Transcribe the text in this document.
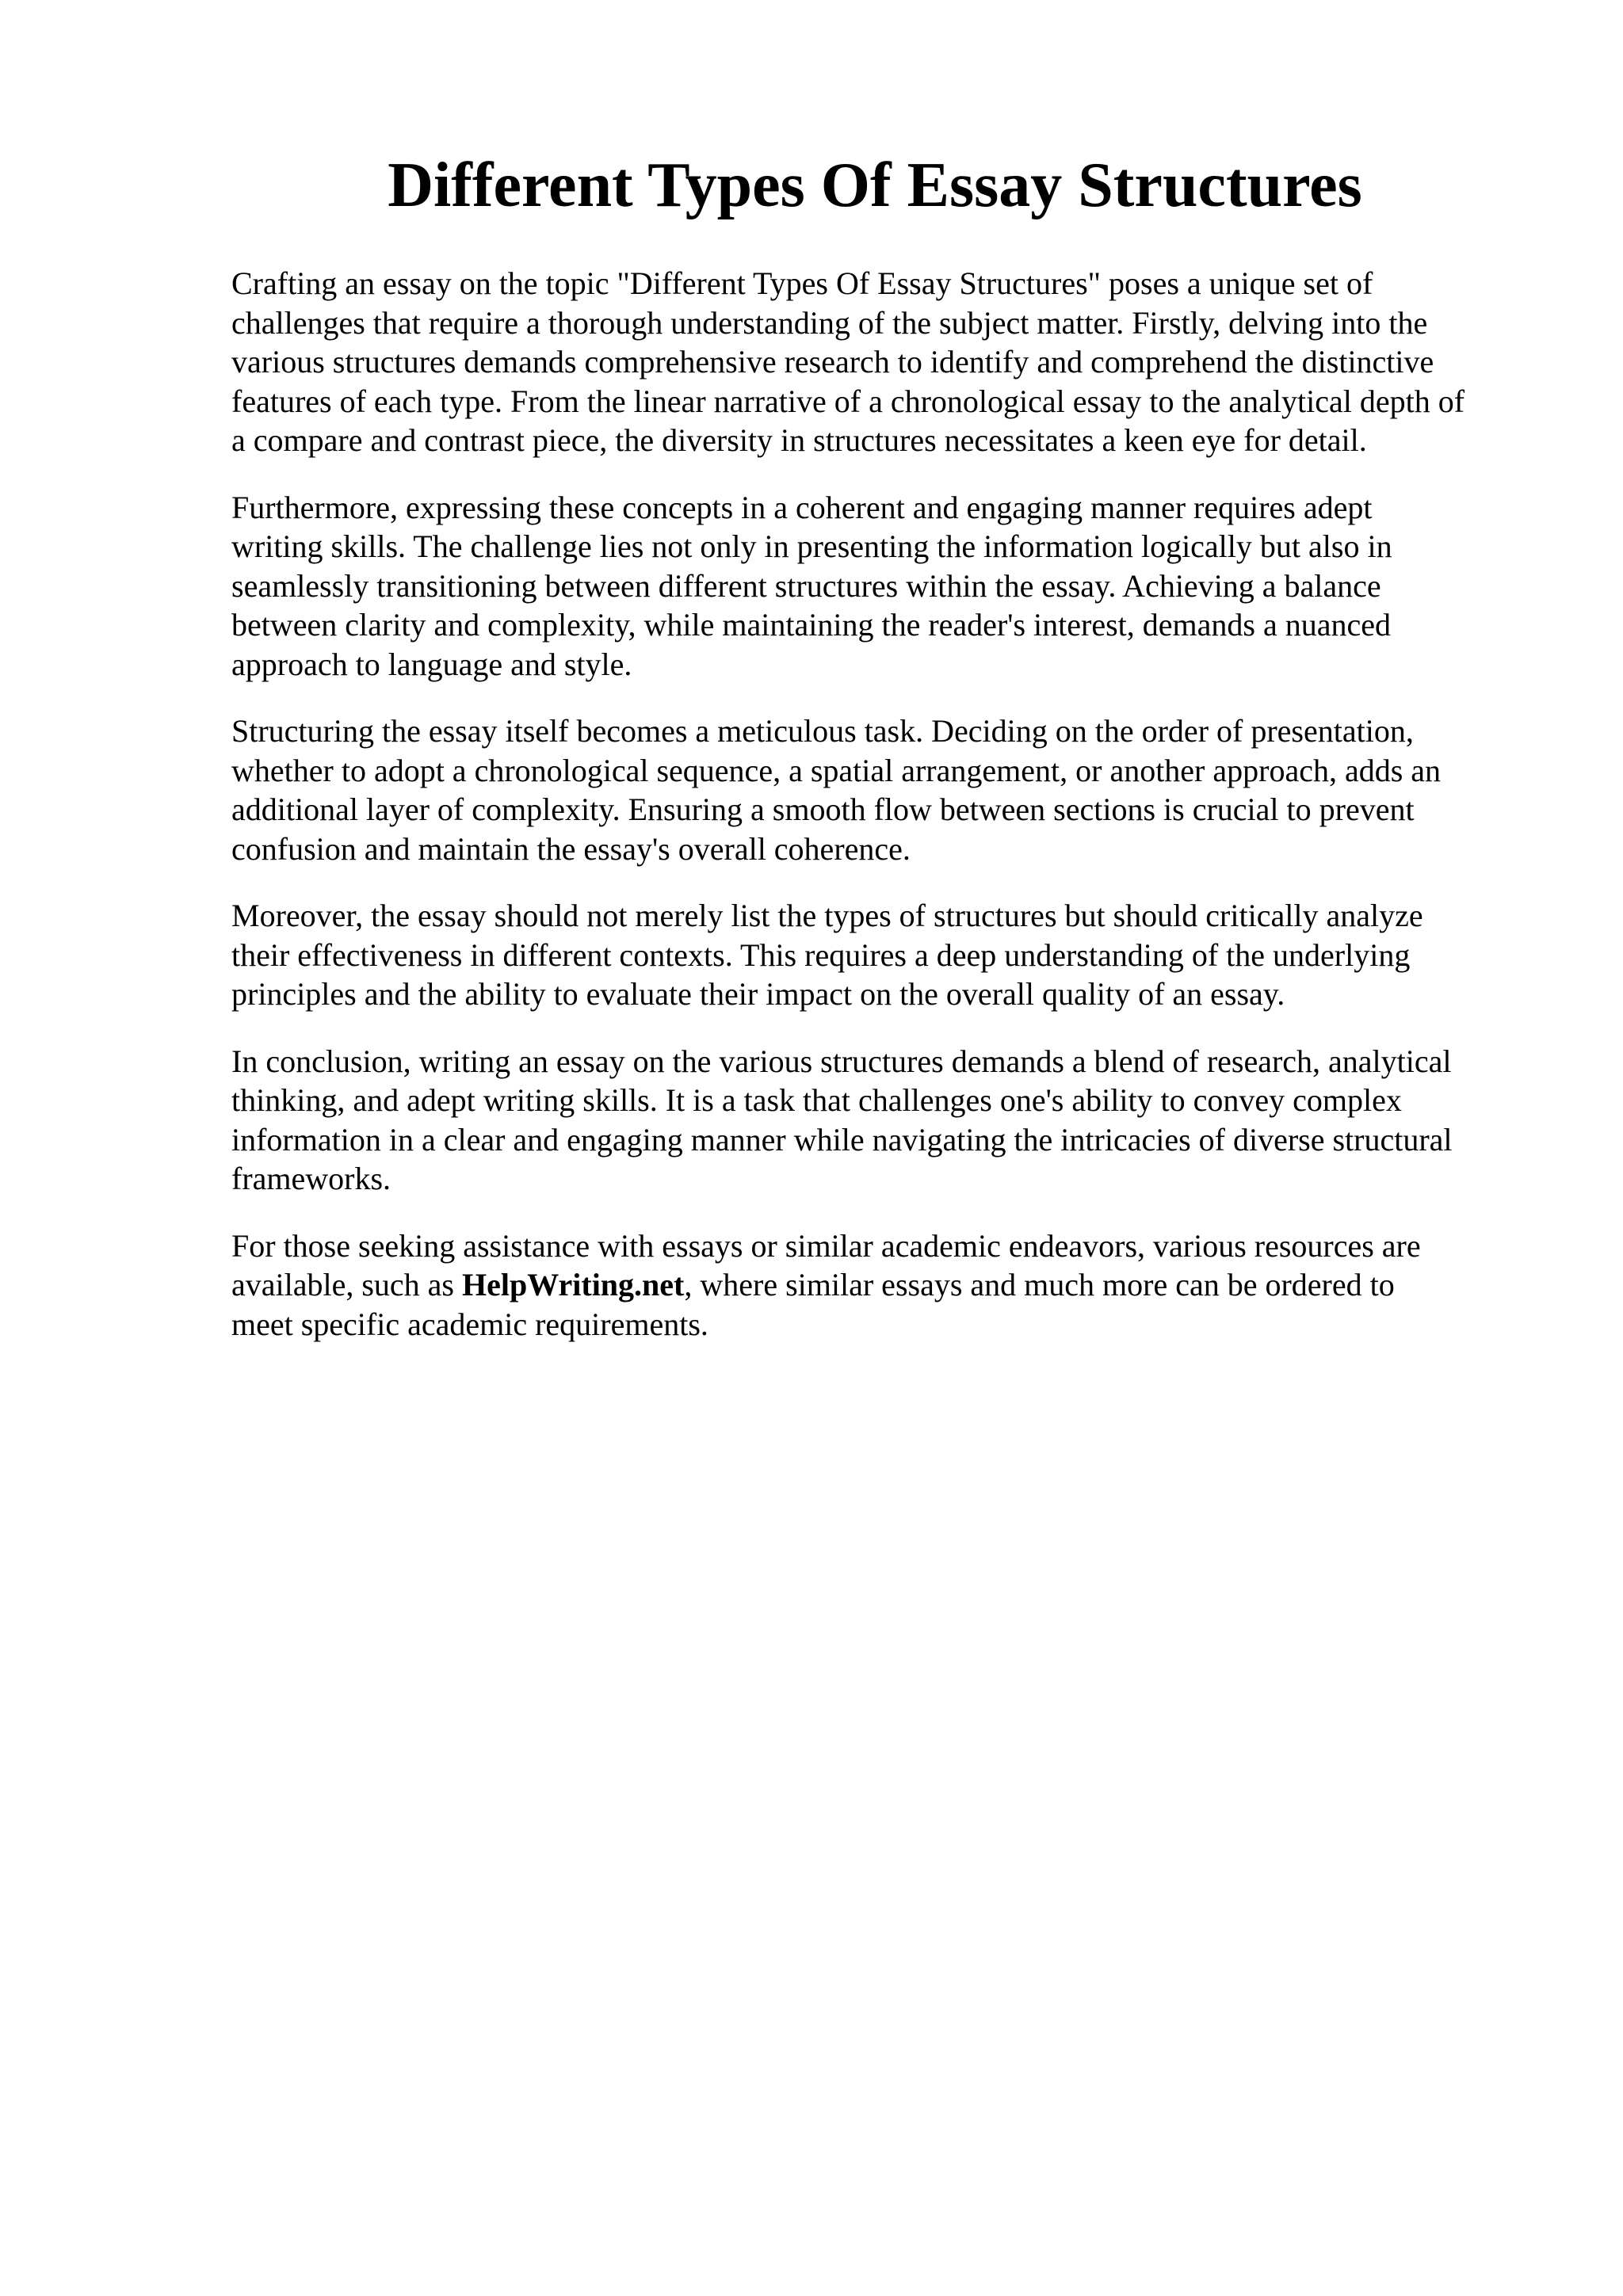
Different Types Of Essay Structures

Crafting an essay on the topic "Different Types Of Essay Structures" poses a unique set of
challenges that require a thorough understanding of the subject matter. Firstly, delving into the
various structures demands comprehensive research to identify and comprehend the distinctive
features of each type. From the linear narrative of a chronological essay to the analytical depth of
a compare and contrast piece, the diversity in structures necessitates a keen eye for detail.

Furthermore, expressing these concepts in a coherent and engaging manner requires adept
writing skills. The challenge lies not only in presenting the information logically but also in
seamlessly transitioning between different structures within the essay. Achieving a balance
between clarity and complexity, while maintaining the reader's interest, demands a nuanced
approach to language and style.

Structuring the essay itself becomes a meticulous task. Deciding on the order of presentation,
whether to adopt a chronological sequence, a spatial arrangement, or another approach, adds an
additional layer of complexity. Ensuring a smooth flow between sections is crucial to prevent
confusion and maintain the essay's overall coherence.

Moreover, the essay should not merely list the types of structures but should critically analyze
their effectiveness in different contexts. This requires a deep understanding of the underlying
principles and the ability to evaluate their impact on the overall quality of an essay.

In conclusion, writing an essay on the various structures demands a blend of research, analytical
thinking, and adept writing skills. It is a task that challenges one's ability to convey complex
information in a clear and engaging manner while navigating the intricacies of diverse structural
frameworks.

For those seeking assistance with essays or similar academic endeavors, various resources are
available, such as HelpWriting.net, where similar essays and much more can be ordered to
meet specific academic requirements.
